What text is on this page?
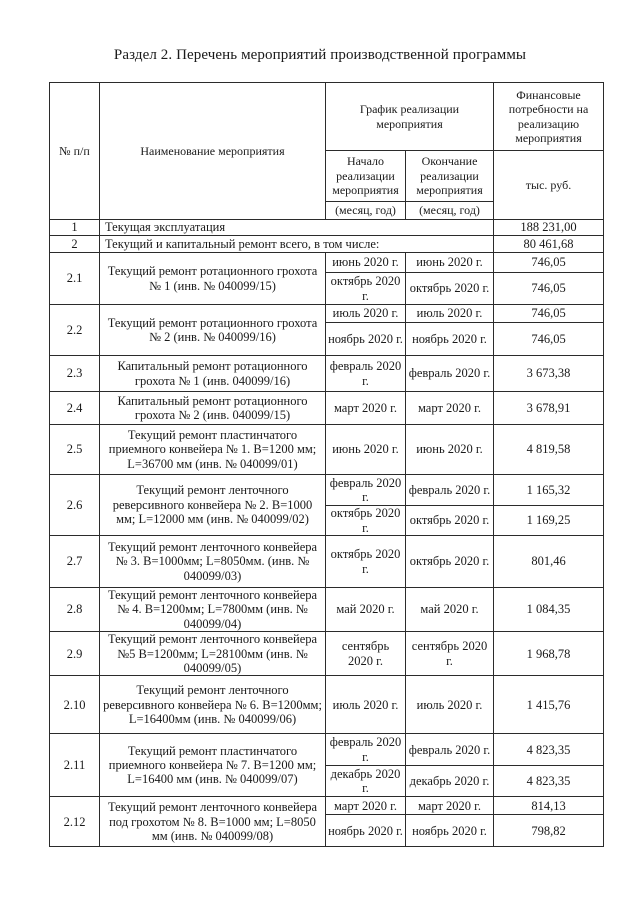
Раздел 2. Перечень мероприятий производственной программы
№ п/п	Наименование мероприятия	График реализации мероприятия		Финансовые потребности на реализацию мероприятия
		Начало реализации мероприятия	Окончание реализации мероприятия	тыс. руб.
		(месяц, год)	(месяц, год)	
1	Текущая эксплуатация			188 231,00
2	Текущий и капитальный ремонт всего, в том числе:			80 461,68
2.1	Текущий ремонт ротационного грохота № 1 (инв. № 040099/15)	июнь 2020 г.	июнь 2020 г.	746,05
		октябрь 2020 г.	октябрь 2020 г.	746,05
2.2	Текущий ремонт ротационного грохота № 2 (инв. № 040099/16)	июль 2020 г.	июль 2020 г.	746,05
		ноябрь 2020 г.	ноябрь 2020 г.	746,05
2.3	Капитальный ремонт ротационного грохота № 1 (инв. 040099/16)	февраль 2020 г.	февраль 2020 г.	3 673,38
2.4	Капитальный ремонт ротационного грохота № 2 (инв. 040099/15)	март 2020 г.	март 2020 г.	3 678,91
2.5	Текущий ремонт пластинчатого приемного конвейера № 1. B=1200 мм; L=36700 мм (инв. № 040099/01)	июнь 2020 г.	июнь 2020 г.	4 819,58
2.6	Текущий ремонт ленточного реверсивного конвейера № 2. B=1000 мм; L=12000 мм (инв. № 040099/02)	февраль 2020 г.	февраль 2020 г.	1 165,32
		октябрь 2020 г.	октябрь 2020 г.	1 169,25
2.7	Текущий ремонт ленточного конвейера № 3. B=1000мм; L=8050мм. (инв. № 040099/03)	октябрь 2020 г.	октябрь 2020 г.	801,46
2.8	Текущий ремонт ленточного конвейера № 4. B=1200мм; L=7800мм (инв. № 040099/04)	май 2020 г.	май 2020 г.	1 084,35
2.9	Текущий ремонт ленточного конвейера №5 B=1200мм; L=28100мм (инв. № 040099/05)	сентябрь 2020 г.	сентябрь 2020 г.	1 968,78
2.10	Текущий ремонт ленточного реверсивного конвейера № 6. B=1200мм; L=16400мм (инв. № 040099/06)	июль 2020 г.	июль 2020 г.	1 415,76
2.11	Текущий ремонт пластинчатого приемного конвейера № 7. B=1200 мм; L=16400 мм (инв. № 040099/07)	февраль 2020 г.	февраль 2020 г.	4 823,35
		декабрь 2020 г.	декабрь 2020 г.	4 823,35
2.12	Текущий ремонт ленточного конвейера под грохотом № 8. B=1000 мм; L=8050 мм (инв. № 040099/08)	март 2020 г.	март 2020 г.	814,13
		ноябрь 2020 г.	ноябрь 2020 г.	798,82
